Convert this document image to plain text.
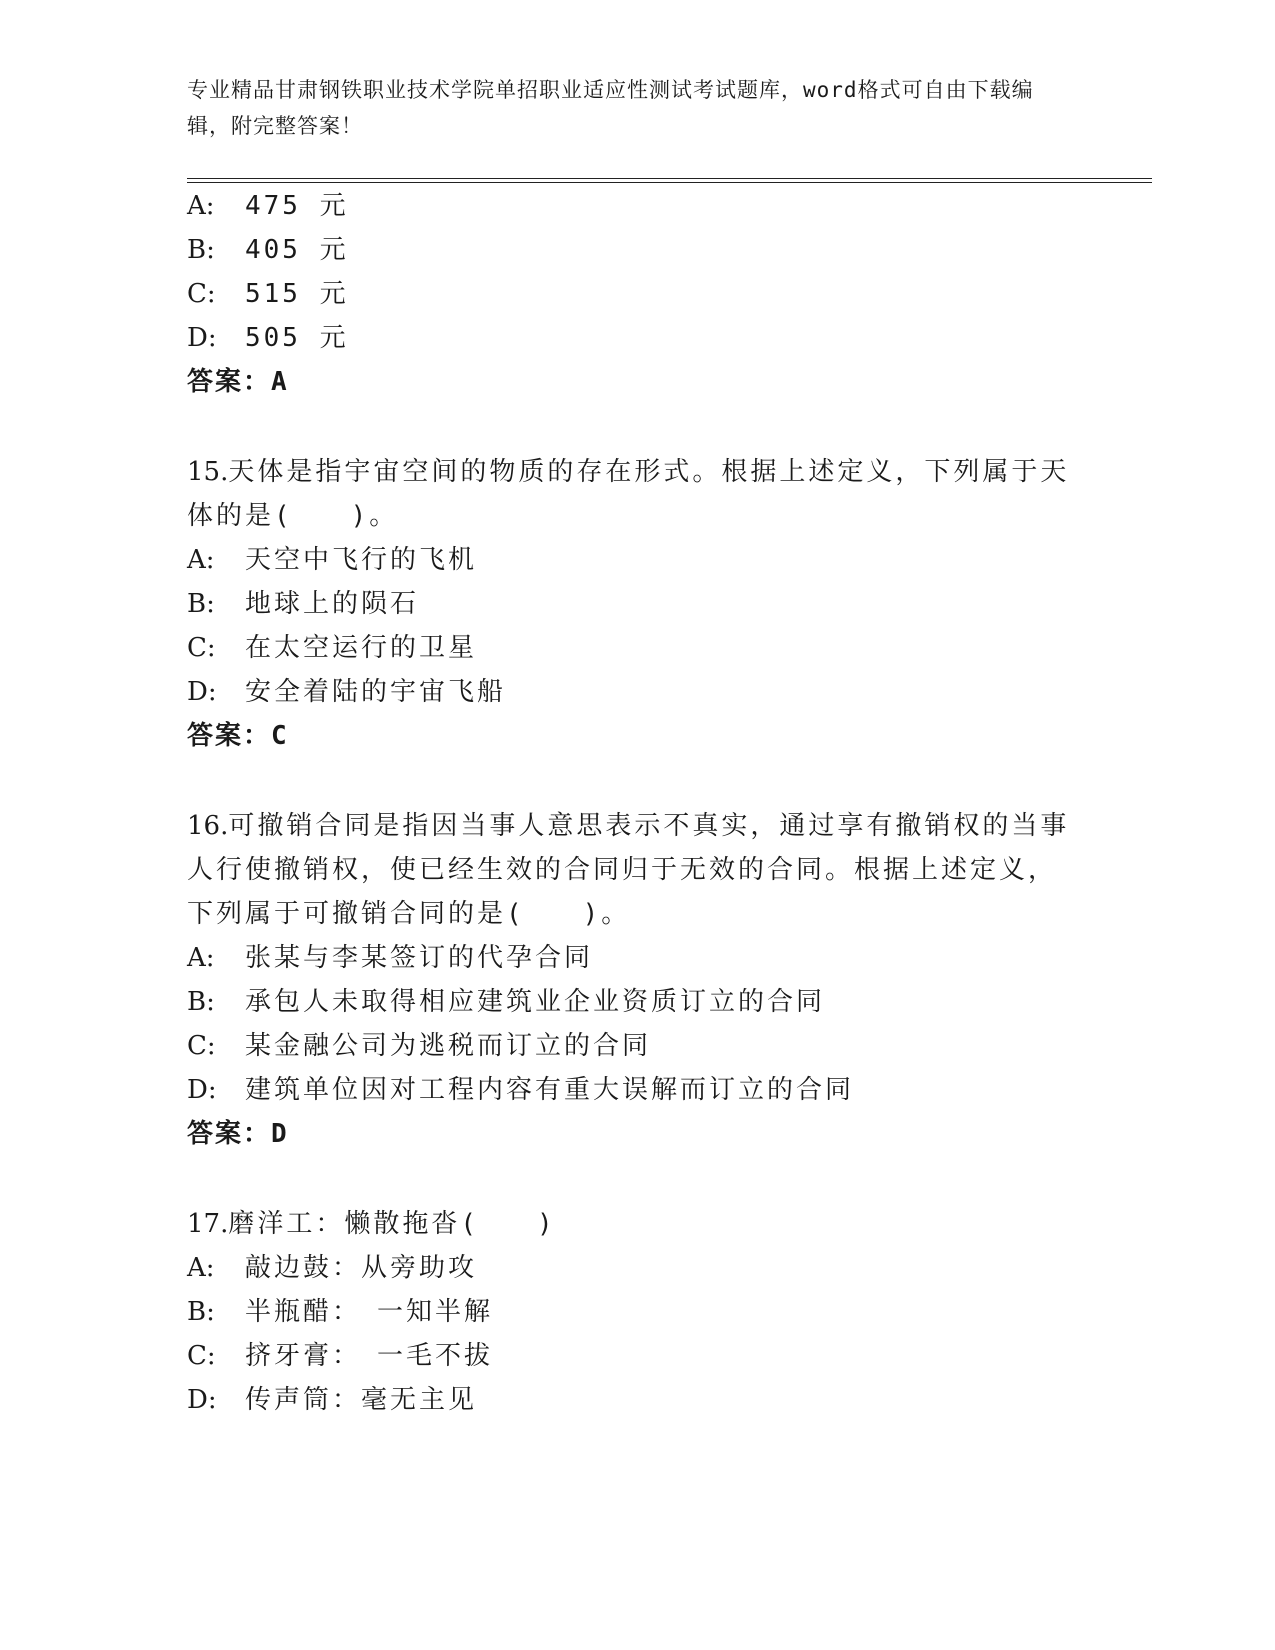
专业精品甘肃钢铁职业技术学院单招职业适应性测试考试题库，word格式可自由下载编辑，附完整答案！
A: 475 元
B: 405 元
C: 515 元
D: 505 元
答案：A
15.天体是指宇宙空间的物质的存在形式。根据上述定义，下列属于天
体的是(　　)。
A: 天空中飞行的飞机
B: 地球上的陨石
C: 在太空运行的卫星
D: 安全着陆的宇宙飞船
答案：C
16.可撤销合同是指因当事人意思表示不真实，通过享有撤销权的当事
人行使撤销权，使已经生效的合同归于无效的合同。根据上述定义，
下列属于可撤销合同的是(　　)。
A: 张某与李某签订的代孕合同
B: 承包人未取得相应建筑业企业资质订立的合同
C: 某金融公司为逃税而订立的合同
D: 建筑单位因对工程内容有重大误解而订立的合同
答案：D
17.磨洋工：懒散拖沓(　　)
A: 敲边鼓：从旁助攻
B: 半瓶醋：　一知半解
C: 挤牙膏：　一毛不拔
D: 传声筒：毫无主见
